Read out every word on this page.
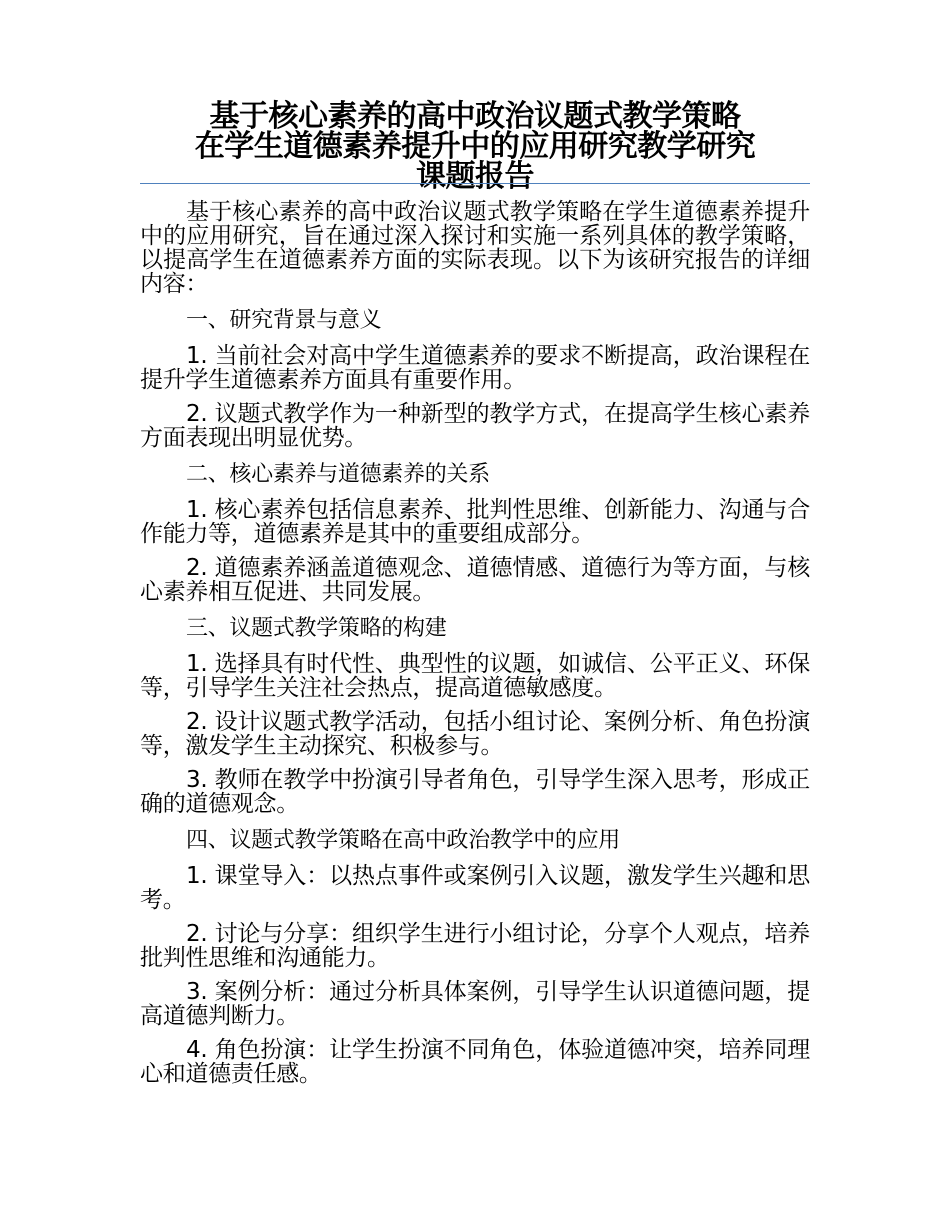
基于核心素养的高中政治议题式教学策略
在学生道德素养提升中的应用研究教学研究
课题报告

基于核心素养的高中政治议题式教学策略在学生道德素养提升中的应用研究，旨在通过深入探讨和实施一系列具体的教学策略，以提高学生在道德素养方面的实际表现。以下为该研究报告的详细内容：

一、研究背景与意义

1. 当前社会对高中学生道德素养的要求不断提高，政治课程在提升学生道德素养方面具有重要作用。

2. 议题式教学作为一种新型的教学方式，在提高学生核心素养方面表现出明显优势。

二、核心素养与道德素养的关系

1. 核心素养包括信息素养、批判性思维、创新能力、沟通与合作能力等，道德素养是其中的重要组成部分。

2. 道德素养涵盖道德观念、道德情感、道德行为等方面，与核心素养相互促进、共同发展。

三、议题式教学策略的构建

1. 选择具有时代性、典型性的议题，如诚信、公平正义、环保等，引导学生关注社会热点，提高道德敏感度。

2. 设计议题式教学活动，包括小组讨论、案例分析、角色扮演等，激发学生主动探究、积极参与。

3. 教师在教学中扮演引导者角色，引导学生深入思考，形成正确的道德观念。

四、议题式教学策略在高中政治教学中的应用

1. 课堂导入：以热点事件或案例引入议题，激发学生兴趣和思考。

2. 讨论与分享：组织学生进行小组讨论，分享个人观点，培养批判性思维和沟通能力。

3. 案例分析：通过分析具体案例，引导学生认识道德问题，提高道德判断力。

4. 角色扮演：让学生扮演不同角色，体验道德冲突，培养同理心和道德责任感。
